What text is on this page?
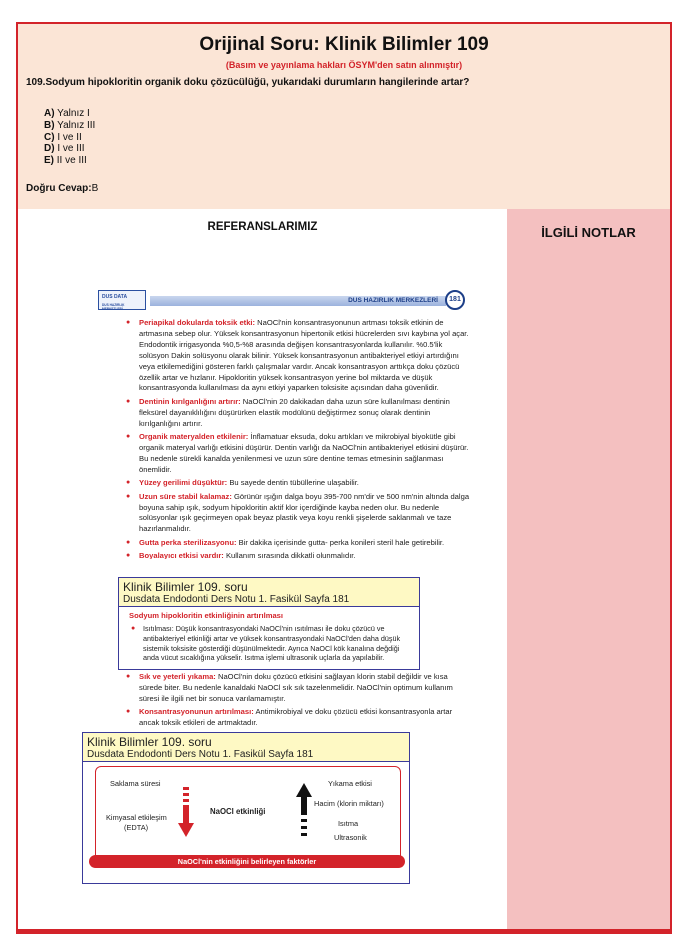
Orijinal Soru: Klinik Bilimler 109
(Basım ve yayınlama hakları ÖSYM'den satın alınmıştır)
109.Sodyum hipokloritin organik doku çözücülüğü, yukarıdaki durumların hangilerinde artar?
A) Yalnız I
B) Yalnız III
C) I ve II
D) I ve III
E) II ve III
Doğru Cevap:B
REFERANSLARIMIZ	İLGİLİ NOTLAR
DUS DATA
DUS HAZIRLIK MERKEZLERİ
DUS HAZIRLIK MERKEZLERİ	181
● Periapikal dokularda toksik etki: NaOCl'nin konsantrasyonunun artması toksik etkinin de artmasına sebep olur. Yüksek konsantrasyonun hipertonik etkisi hücrelerden sıvı kaybına yol açar. Endodontik irrigasyonda %0,5-%8 arasında değişen konsantrasyonlarda kullanılır. %0.5'lik solüsyon Dakin solüsyonu olarak bilinir. Yüksek konsantrasyonun antibakteriyel etkiyi artırdığını veya etkilemediğini gösteren farklı çalışmalar vardır. Ancak konsantrasyon arttıkça doku çözücü özellik artar ve hızlanır. Hipokloritin yüksek konsantrasyon yerine bol miktarda ve düşük konsantrasyonda kullanılması da aynı etkiyi yaparken toksisite açısından daha güvenlidir.
● Dentinin kırılganlığını artırır: NaOCl'nin 20 dakikadan daha uzun süre kullanılması dentinin fleksürel dayanıklılığını düşürürken elastik modülünü değiştirmez sonuç olarak dentinin kırılganlığını artırır.
● Organik materyalden etkilenir: İnflamatuar eksuda, doku artıkları ve mikrobiyal biyokütle gibi organik materyal varlığı etkisini düşürür. Dentin varlığı da NaOCl'nin antibakteriyel etkisini düşürür. Bu nedenle sürekli kanalda yenilenmesi ve uzun süre dentine temas etmesinin sağlanması önemlidir.
● Yüzey gerilimi düşüktür: Bu sayede dentin tübüllerine ulaşabilir.
● Uzun süre stabil kalamaz: Görünür ışığın dalga boyu 395-700 nm'dir ve 500 nm'nin altında dalga boyuna sahip ışık, sodyum hipokloritin aktif klor içerdiğinde kayba neden olur. Bu nedenle solüsyonlar ışık geçirmeyen opak beyaz plastik veya koyu renkli şişelerde saklanmalı ve taze hazırlanmalıdır.
● Gutta perka sterilizasyonu: Bir dakika içerisinde gutta- perka konileri steril hale getirebilir.
● Boyalayıcı etkisi vardır: Kullanım sırasında dikkatli olunmalıdır.
Klinik Bilimler 109. soru
Dusdata Endodonti Ders Notu 1. Fasikül Sayfa 181
Sodyum hipokloritin etkinliğinin artırılması
● Isıtılması: Düşük konsantrasyondaki NaOCl'nin ısıtılması ile doku çözücü ve antibakteriyel etkinliği artar ve yüksek konsantrasyondaki NaOCl'den daha düşük sistemik toksisite gösterdiği düşünülmektedir. Ayrıca NaOCl kök kanalına değdiği anda vücut sıcaklığına yükselir. Isıtma işlemi ultrasonik uçlarla da yapılabilir.
● Sık ve yeterli yıkama: NaOCl'nin doku çözücü etkisini sağlayan klorin stabil değildir ve kısa sürede biter. Bu nedenle kanaldaki NaOCl sık sık tazelenmelidir. NaOCl'nin optimum kullanım süresi ile ilgili net bir sonuca varılamamıştır.
● Konsantrasyonunun artırılması: Antimikrobiyal ve doku çözücü etkisi konsantrasyonla artar ancak toksik etkileri de artmaktadır.
Klinik Bilimler 109. soru
Dusdata Endodonti Ders Notu 1. Fasikül Sayfa 181
Saklama süresi
Kimyasal etkileşim
(EDTA)
NaOCl etkinliği
Yıkama etkisi
Hacim (klorin miktarı)
Isıtma
Ultrasonik
NaOCl'nin etkinliğini belirleyen faktörler
